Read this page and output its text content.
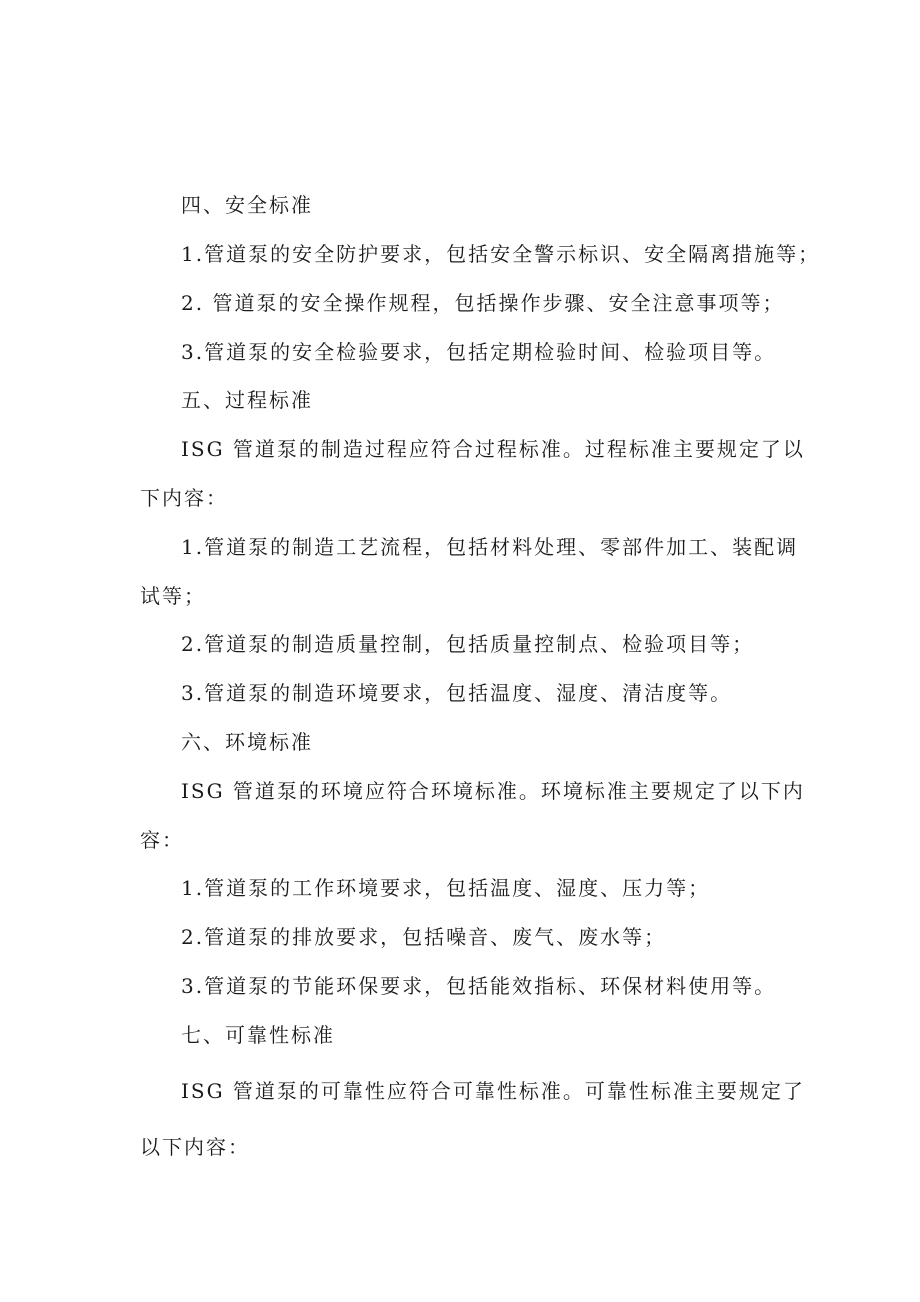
四、安全标准
1.管道泵的安全防护要求，包括安全警示标识、安全隔离措施等；
2. 管道泵的安全操作规程，包括操作步骤、安全注意事项等；
3.管道泵的安全检验要求，包括定期检验时间、检验项目等。
五、过程标准
ISG 管道泵的制造过程应符合过程标准。过程标准主要规定了以
下内容：
1.管道泵的制造工艺流程，包括材料处理、零部件加工、装配调
试等；
2.管道泵的制造质量控制，包括质量控制点、检验项目等；
3.管道泵的制造环境要求，包括温度、湿度、清洁度等。
六、环境标准
ISG 管道泵的环境应符合环境标准。环境标准主要规定了以下内
容：
1.管道泵的工作环境要求，包括温度、湿度、压力等；
2.管道泵的排放要求，包括噪音、废气、废水等；
3.管道泵的节能环保要求，包括能效指标、环保材料使用等。
七、可靠性标准
ISG 管道泵的可靠性应符合可靠性标准。可靠性标准主要规定了
以下内容：
